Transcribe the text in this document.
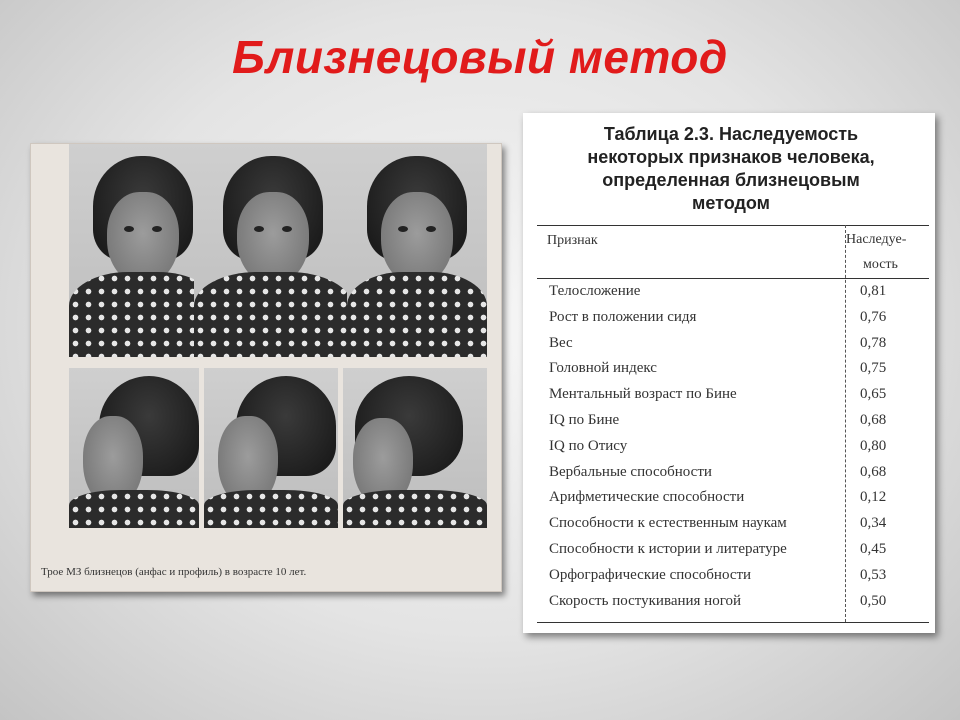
Близнецовый метод
Трое МЗ близнецов (анфас и профиль) в возрасте 10 лет.
Таблица 2.3. Наследуемость
некоторых признаков человека,
определенная близнецовым
методом
Признак	Наследуе-
мость
Телосложение	0,81
Рост в положении сидя	0,76
Вес	0,78
Головной индекс	0,75
Ментальный возраст по Бине	0,65
IQ по Бине	0,68
IQ по Отису	0,80
Вербальные способности	0,68
Арифметические способности	0,12
Способности к естественным наукам	0,34
Способности к истории и литературе	0,45
Орфографические способности	0,53
Скорость постукивания ногой	0,50
